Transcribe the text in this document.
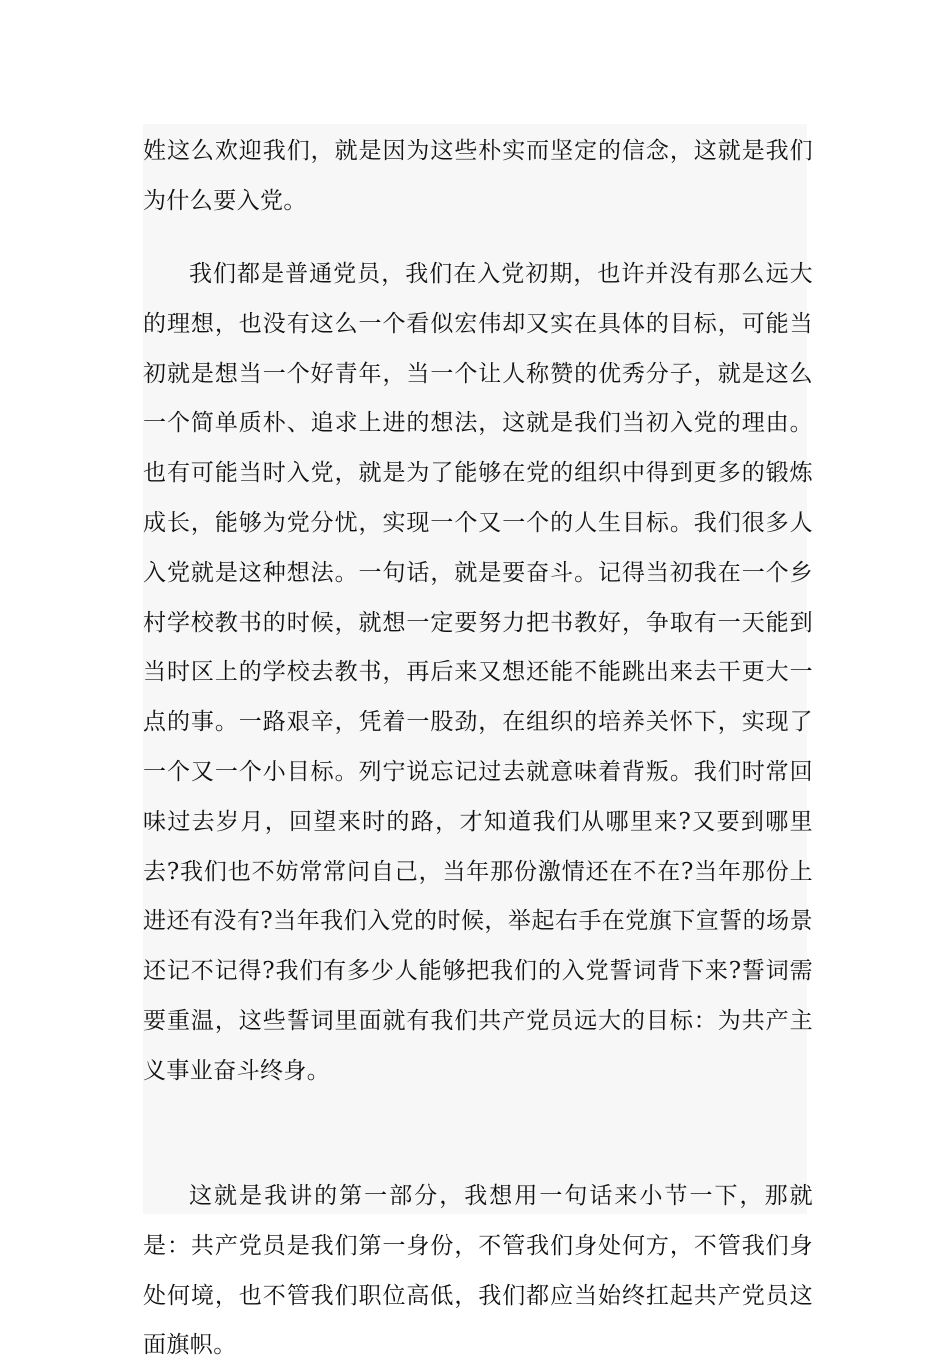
姓这么欢迎我们，就是因为这些朴实而坚定的信念，这就是我们为什么要入党。

我们都是普通党员，我们在入党初期，也许并没有那么远大的理想，也没有这么一个看似宏伟却又实在具体的目标，可能当初就是想当一个好青年，当一个让人称赞的优秀分子，就是这么一个简单质朴、追求上进的想法，这就是我们当初入党的理由。也有可能当时入党，就是为了能够在党的组织中得到更多的锻炼成长，能够为党分忧，实现一个又一个的人生目标。我们很多人入党就是这种想法。一句话，就是要奋斗。记得当初我在一个乡村学校教书的时候，就想一定要努力把书教好，争取有一天能到当时区上的学校去教书，再后来又想还能不能跳出来去干更大一点的事。一路艰辛，凭着一股劲，在组织的培养关怀下，实现了一个又一个小目标。列宁说忘记过去就意味着背叛。我们时常回味过去岁月，回望来时的路，才知道我们从哪里来?又要到哪里去?我们也不妨常常问自己，当年那份激情还在不在?当年那份上进还有没有?当年我们入党的时候，举起右手在党旗下宣誓的场景还记不记得?我们有多少人能够把我们的入党誓词背下来?誓词需要重温，这些誓词里面就有我们共产党员远大的目标：为共产主义事业奋斗终身。

这就是我讲的第一部分，我想用一句话来小节一下，那就是：共产党员是我们第一身份，不管我们身处何方，不管我们身处何境，也不管我们职位高低，我们都应当始终扛起共产党员这面旗帜。
